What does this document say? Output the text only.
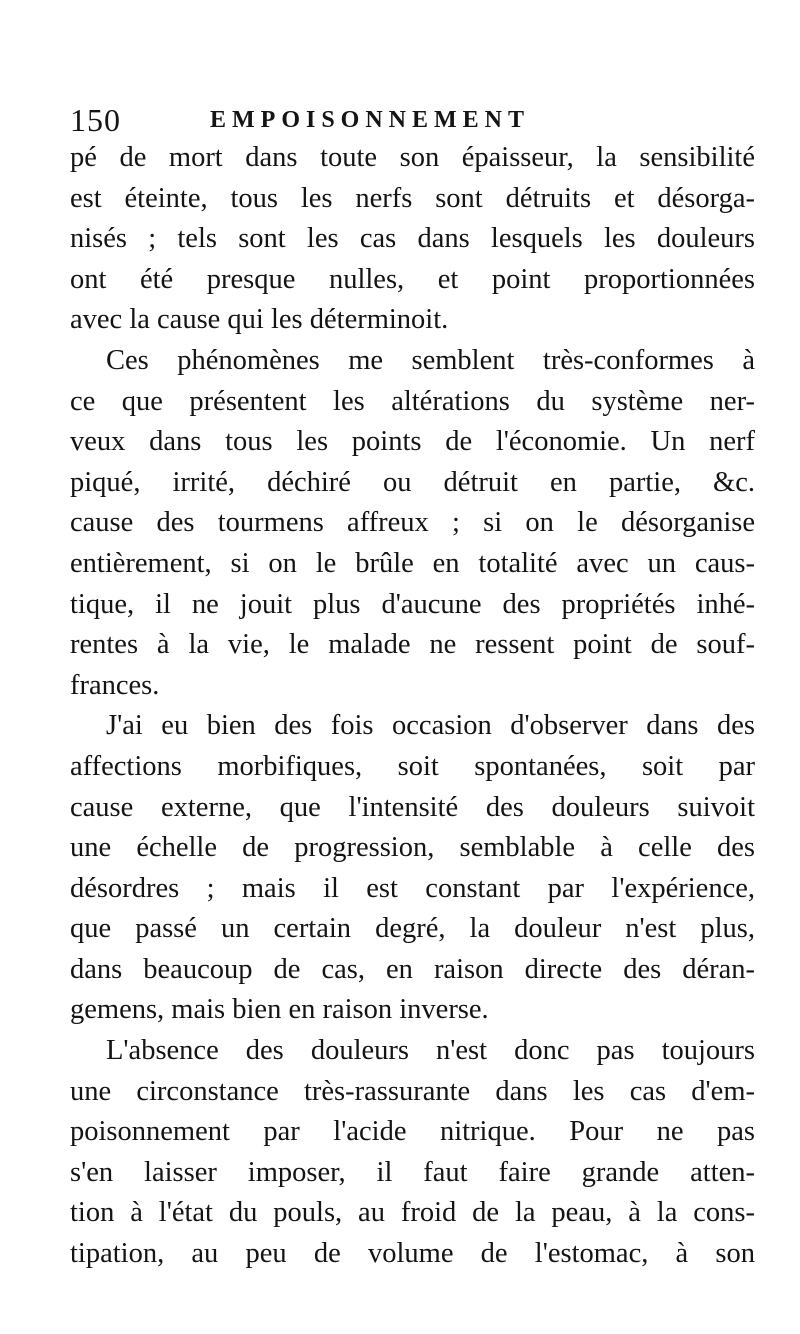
150	EMPOISONNEMENT
pé de mort dans toute son épaisseur, la sensibilité
est éteinte, tous les nerfs sont détruits et désorga-
nisés ; tels sont les cas dans lesquels les douleurs
ont été presque nulles, et point proportionnées
avec la cause qui les déterminoit.
Ces phénomènes me semblent très-conformes à
ce que présentent les altérations du système ner-
veux dans tous les points de l'économie. Un nerf
piqué, irrité, déchiré ou détruit en partie, &c.
cause des tourmens affreux ; si on le désorganise
entièrement, si on le brûle en totalité avec un caus-
tique, il ne jouit plus d'aucune des propriétés inhé-
rentes à la vie, le malade ne ressent point de souf-
frances.
J'ai eu bien des fois occasion d'observer dans des
affections morbifiques, soit spontanées, soit par
cause externe, que l'intensité des douleurs suivoit
une échelle de progression, semblable à celle des
désordres ; mais il est constant par l'expérience,
que passé un certain degré, la douleur n'est plus,
dans beaucoup de cas, en raison directe des déran-
gemens, mais bien en raison inverse.
L'absence des douleurs n'est donc pas toujours
une circonstance très-rassurante dans les cas d'em-
poisonnement par l'acide nitrique. Pour ne pas
s'en laisser imposer, il faut faire grande atten-
tion à l'état du pouls, au froid de la peau, à la cons-
tipation, au peu de volume de l'estomac, à son
